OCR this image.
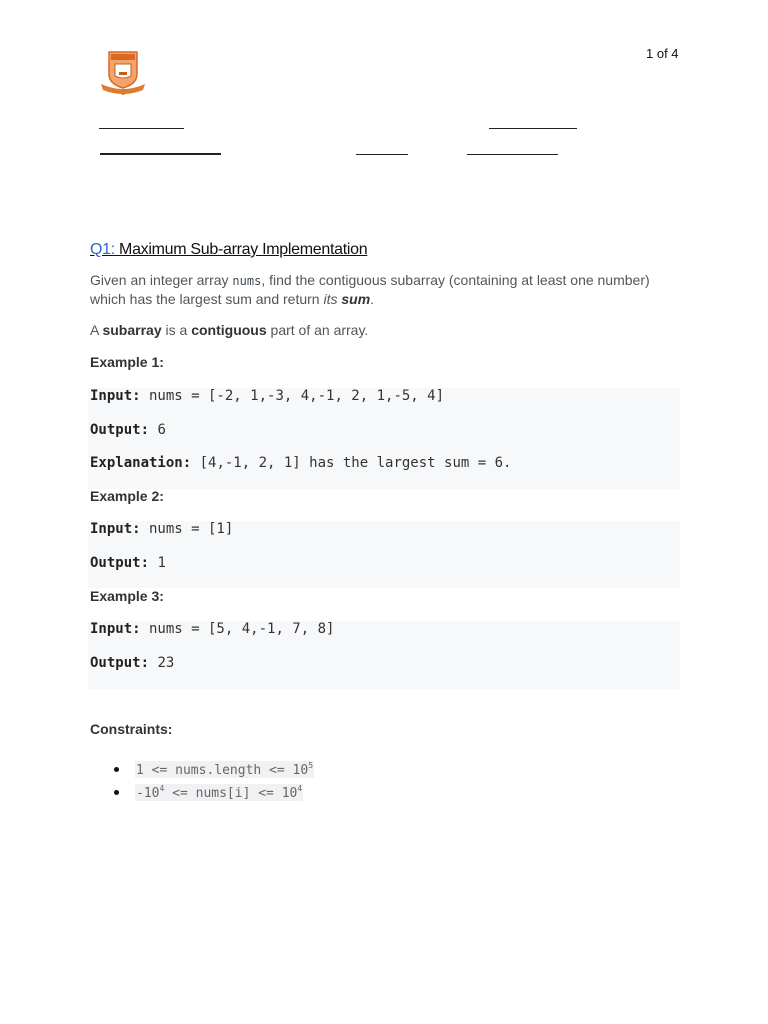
1 of 4
Q1: Maximum Sub-array Implementation
Given an integer array nums, find the contiguous subarray (containing at least one number) which has the largest sum and return its sum.
A subarray is a contiguous part of an array.
Example 1:
Input: nums = [-2, 1,-3, 4,-1, 2, 1,-5, 4]
Output: 6
Explanation: [4,-1, 2, 1] has the largest sum = 6.
Example 2:
Input: nums = [1]
Output: 1
Example 3:
Input: nums = [5, 4,-1, 7, 8]
Output: 23
Constraints:
1 <= nums.length <= $10^5$
$-10^4$ <= nums[i] <= $10^4$
